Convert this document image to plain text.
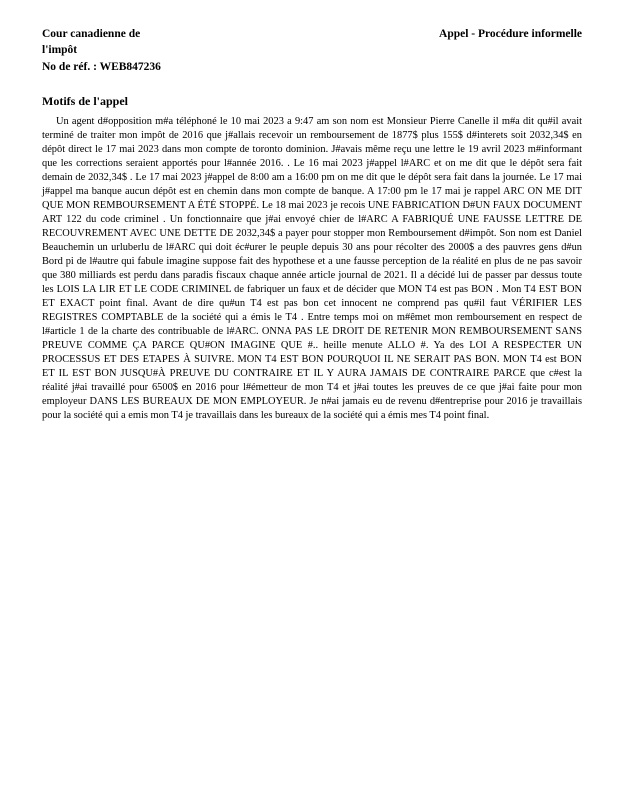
Cour canadienne de
l'impôt
Appel - Procédure informelle
No de réf. : WEB847236
Motifs de l'appel
Un agent d#opposition m#a téléphoné le 10 mai 2023 a 9:47 am son nom est Monsieur Pierre Canelle il m#a dit qu#il avait terminé de traiter mon impôt de 2016 que j#allais recevoir un remboursement de 1877$ plus 155$ d#interets soit 2032,34$ en dépôt direct le 17 mai 2023 dans mon compte de toronto dominion. J#avais même reçu une lettre le 19 avril 2023 m#informant que les corrections seraient apportés pour l#année 2016. . Le 16 mai 2023 j#appel l#ARC et on me dit que le dépôt sera fait demain de 2032,34$ . Le 17 mai 2023 j#appel de 8:00 am a 16:00 pm on me dit que le dépôt sera fait dans la journée. Le 17 mai j#appel ma banque aucun dépôt est en chemin dans mon compte de banque. A 17:00 pm le 17 mai je rappel ARC ON ME DIT QUE MON REMBOURSEMENT A ÉTÉ STOPPÉ. Le 18 mai 2023 je recois UNE FABRICATION D#UN FAUX DOCUMENT ART 122 du code criminel . Un fonctionnaire que j#ai envoyé chier de l#ARC A FABRIQUÉ UNE FAUSSE LETTRE DE RECOUVREMENT AVEC UNE DETTE DE 2032,34$ a payer pour stopper mon Remboursement d#impôt. Son nom est Daniel Beauchemin un urluberlu de l#ARC qui doit éc#urer le peuple depuis 30 ans pour récolter des 2000$ a des pauvres gens d#un Bord pi de l#autre qui fabule imagine suppose fait des hypothese et a une fausse perception de la réalité en plus de ne pas savoir que 380 milliards est perdu dans paradis fiscaux chaque année article journal de 2021. Il a décidé lui de passer par dessus toute les LOIS LA LIR ET LE CODE CRIMINEL de fabriquer un faux et de décider que MON T4 est pas BON . Mon T4 EST BON ET EXACT point final. Avant de dire qu#un T4 est pas bon cet innocent ne comprend pas qu#il faut VÉRIFIER LES REGISTRES COMPTABLE de la société qui a émis le T4 . Entre temps moi on m#êmet mon remboursement en respect de l#article 1 de la charte des contribuable de l#ARC. ONNA PAS LE DROIT DE RETENIR MON REMBOURSEMENT SANS PREUVE COMME ÇA PARCE QU#ON IMAGINE QUE #.. heille menute ALLO #. Ya des LOI A RESPECTER UN PROCESSUS ET DES ETAPES À SUIVRE. MON T4 EST BON POURQUOI IL NE SERAIT PAS BON. MON T4 est BON ET IL EST BON JUSQU#À PREUVE DU CONTRAIRE ET IL Y AURA JAMAIS DE CONTRAIRE PARCE que c#est la réalité j#ai travaillé pour 6500$ en 2016 pour l#émetteur de mon T4 et j#ai toutes les preuves de ce que j#ai faite pour mon employeur DANS LES BUREAUX DE MON EMPLOYEUR. Je n#ai jamais eu de revenu d#entreprise pour 2016 je travaillais pour la société qui a emis mon T4 je travaillais dans les bureaux de la société qui a émis mes T4 point final.
